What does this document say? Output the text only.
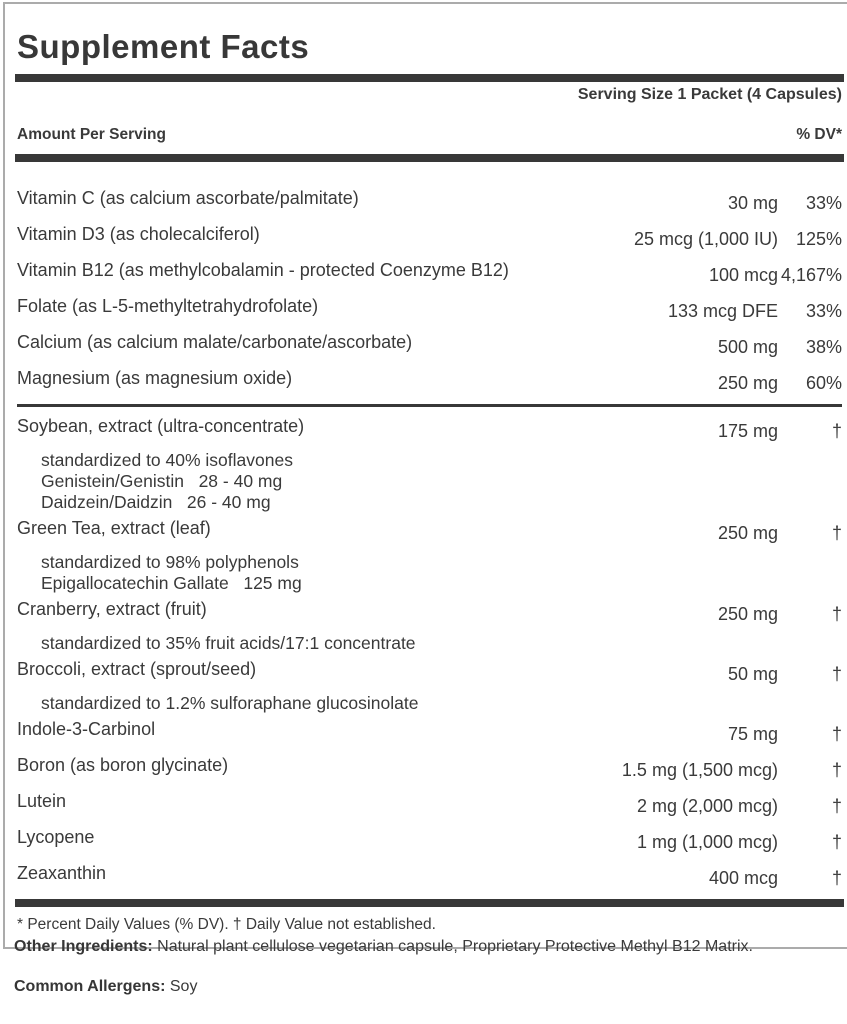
Supplement Facts
Serving Size 1 Packet (4 Capsules)
Amount Per Serving	% DV*
Vitamin C (as calcium ascorbate/palmitate)	30 mg	33%
Vitamin D3 (as cholecalciferol)	25 mcg (1,000 IU) 125%
Vitamin B12 (as methylcobalamin - protected Coenzyme B12)	100 mcg 4,167%
Folate (as L-5-methyltetrahydrofolate)	133 mcg DFE	33%
Calcium (as calcium malate/carbonate/ascorbate)	500 mg	38%
Magnesium (as magnesium oxide)	250 mg	60%
Soybean, extract (ultra-concentrate)	175 mg	†
standardized to 40% isoflavones
Genistein/Genistin   28 - 40 mg
Daidzein/Daidzin   26 - 40 mg
Green Tea, extract (leaf)	250 mg	†
standardized to 98% polyphenols
Epigallocatechin Gallate   125 mg
Cranberry, extract (fruit)	250 mg	†
standardized to 35% fruit acids/17:1 concentrate
Broccoli, extract (sprout/seed)	50 mg	†
standardized to 1.2% sulforaphane glucosinolate
Indole-3-Carbinol	75 mg	†
Boron (as boron glycinate)	1.5 mg (1,500 mcg)	†
Lutein	2 mg (2,000 mcg)	†
Lycopene	1 mg (1,000 mcg)	†
Zeaxanthin	400 mcg	†
* Percent Daily Values (% DV). † Daily Value not established.

Other Ingredients: Natural plant cellulose vegetarian capsule, Proprietary Protective Methyl B12 Matrix.

Common Allergens: Soy
